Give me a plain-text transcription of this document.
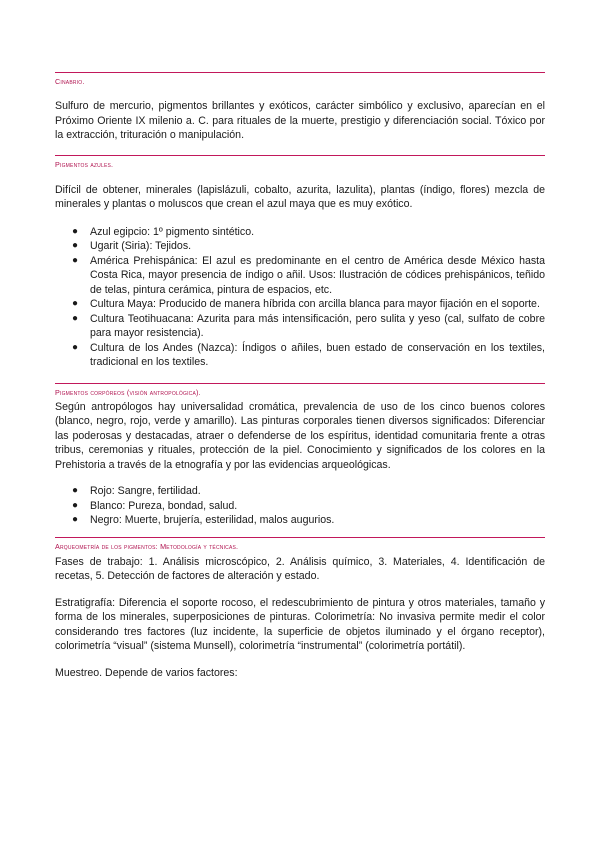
Cinabrio.

Sulfuro de mercurio, pigmentos brillantes y exóticos, carácter simbólico y exclusivo, aparecían en el Próximo Oriente IX milenio a. C. para rituales de la muerte, prestigio y diferenciación social. Tóxico por la extracción, trituración o manipulación.

Pigmentos azules.

Difícil de obtener, minerales (lapislázuli, cobalto, azurita, lazulita), plantas (índigo, flores) mezcla de minerales y plantas o moluscos que crean el azul maya que es muy exótico.

● Azul egipcio: 1º pigmento sintético.
● Ugarit (Siria): Tejidos.
● América Prehispánica: El azul es predominante en el centro de América desde México hasta Costa Rica, mayor presencia de índigo o añil. Usos: Ilustración de códices prehispánicos, teñido de telas, pintura cerámica, pintura de espacios, etc.
● Cultura Maya: Producido de manera híbrida con arcilla blanca para mayor fijación en el soporte.
● Cultura Teotihuacana: Azurita para más intensificación, pero sulita y yeso (cal, sulfato de cobre para mayor resistencia).
● Cultura de los Andes (Nazca): Índigos o añiles, buen estado de conservación en los textiles, tradicional en los textiles.
Pigmentos corpóreos (visión antropológica).

Según antropólogos hay universalidad cromática, prevalencia de uso de los cinco buenos colores (blanco, negro, rojo, verde y amarillo). Las pinturas corporales tienen diversos significados: Diferenciar las poderosas y destacadas, atraer o defenderse de los espíritus, identidad comunitaria frente a otras tribus, ceremonias y rituales, protección de la piel. Conocimiento y significados de los colores en la Prehistoria a través de la etnografía y por las evidencias arqueológicas.

● Rojo: Sangre, fertilidad.
● Blanco: Pureza, bondad, salud.
● Negro: Muerte, brujería, esterilidad, malos augurios.
Arqueometría de los pigmentos: Metodología y técnicas.

Fases de trabajo: 1. Análisis microscópico, 2. Análisis químico, 3. Materiales, 4. Identificación de recetas, 5. Detección de factores de alteración y estado.

Estratigrafía: Diferencia el soporte rocoso, el redescubrimiento de pintura y otros materiales, tamaño y forma de los minerales, superposiciones de pinturas. Colorimetría: No invasiva permite medir el color considerando tres factores (luz incidente, la superficie de objetos iluminado y el órgano receptor), colorimetría “visual” (sistema Munsell), colorimetría “instrumental” (colorimetría portátil).

Muestreo. Depende de varios factores:
